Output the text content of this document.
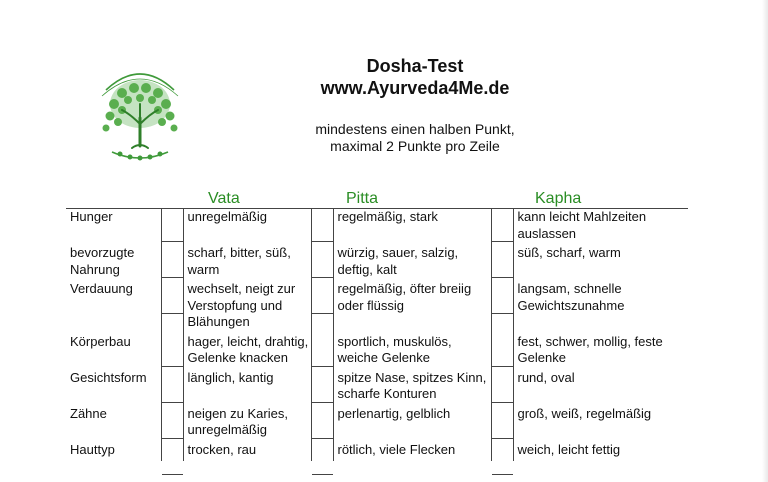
Dosha-Test
www.Ayurveda4Me.de
mindestens einen halben Punkt,
maximal 2 Punkte pro Zeile
Vata	Pitta	Kapha
Hunger		unregelmäßig		regelmäßig, stark		kann leicht Mahlzeiten auslassen
bevorzugte Nahrung		scharf, bitter, süß, warm		würzig, sauer, salzig, deftig, kalt		süß, scharf, warm
Verdauung		wechselt, neigt zur Verstopfung und Blähungen		regelmäßig, öfter breiig oder flüssig		langsam, schnelle Gewichtszunahme
Körperbau		hager, leicht, drahtig, Gelenke knacken		sportlich, muskulös, weiche Gelenke		fest, schwer, mollig, feste Gelenke
Gesichtsform		länglich, kantig		spitze Nase, spitzes Kinn, scharfe Konturen		rund, oval
Zähne		neigen zu Karies, unregelmäßig		perlenartig, gelblich		groß, weiß, regelmäßig
Hauttyp		trocken, rau		rötlich, viele Flecken		weich, leicht fettig
